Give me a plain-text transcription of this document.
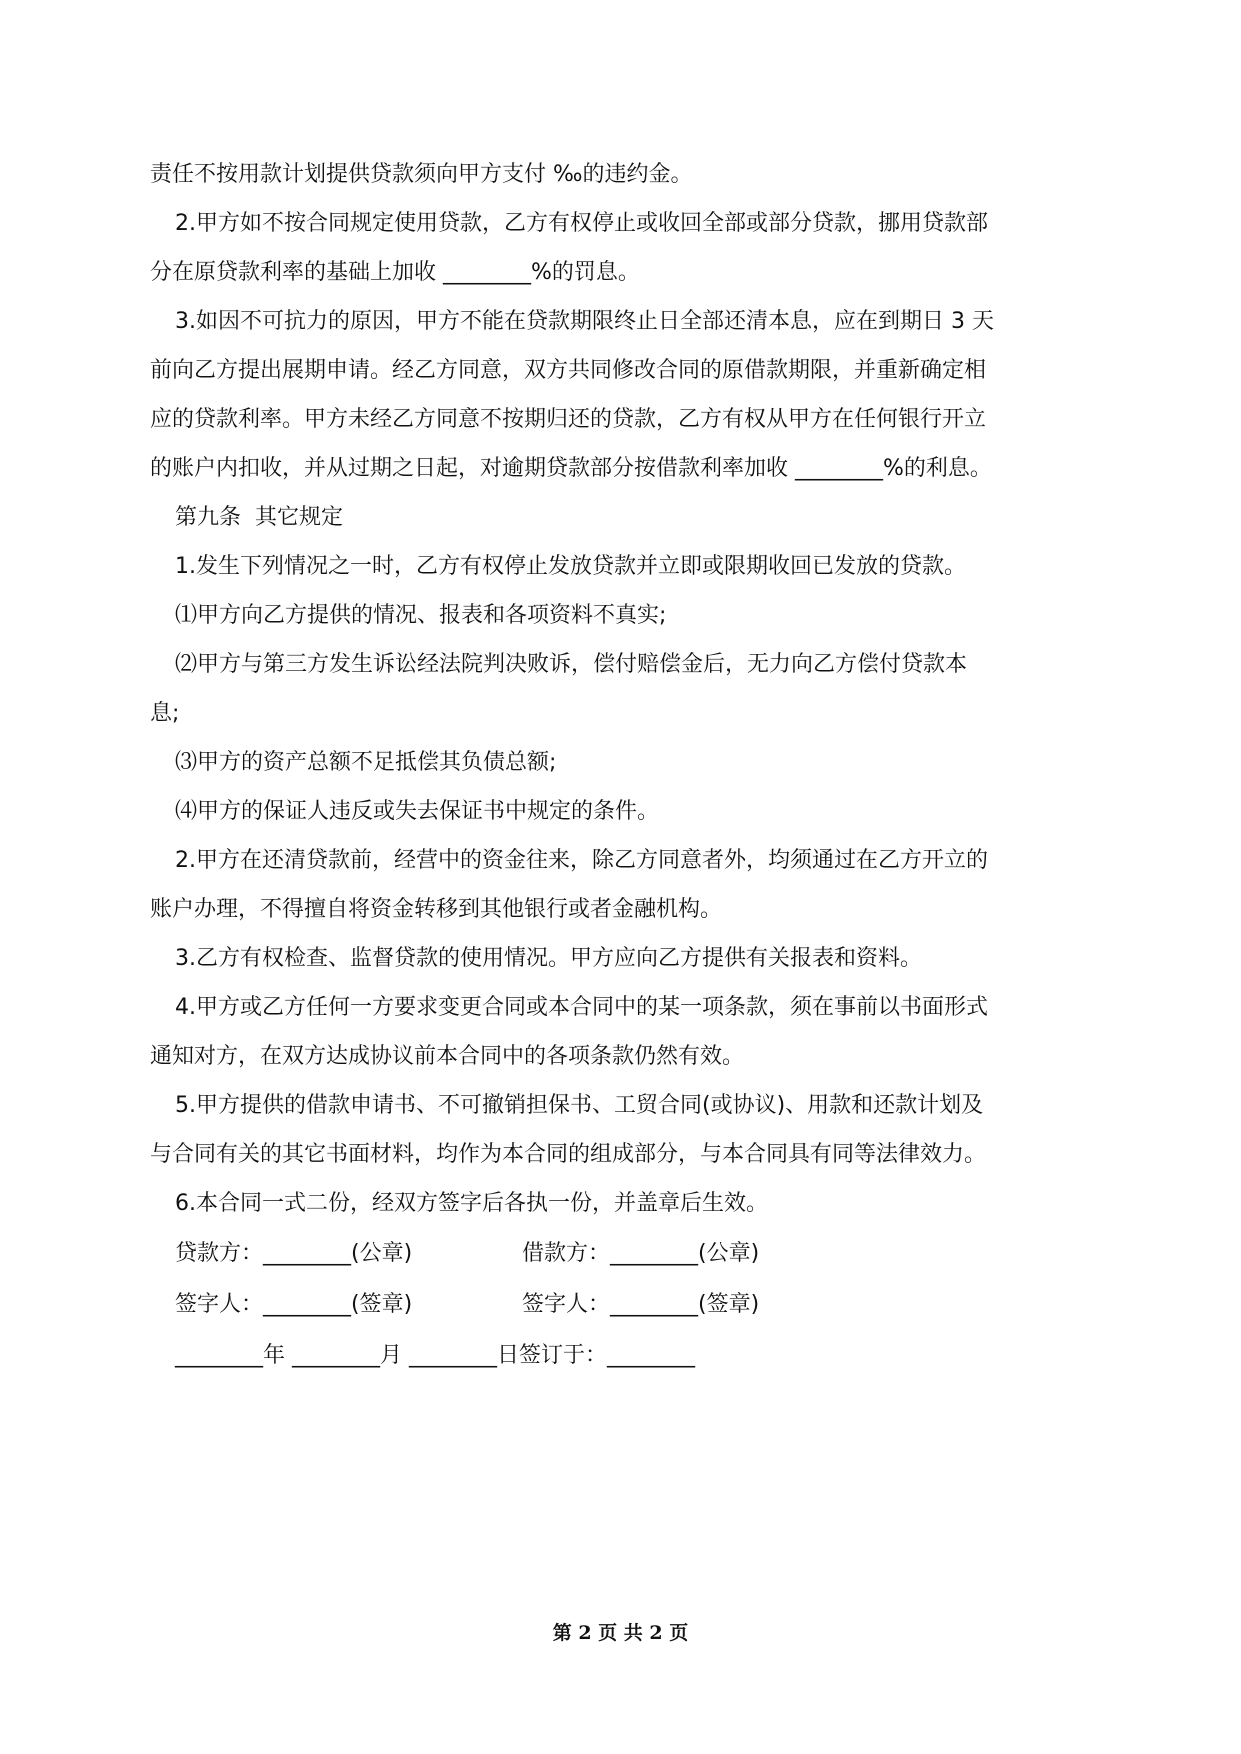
责任不按用款计划提供贷款须向甲方支付 ‰的违约金。
2.甲方如不按合同规定使用贷款，乙方有权停止或收回全部或部分贷款，挪用贷款部
分在原贷款利率的基础上加收 ________%的罚息。
3.如因不可抗力的原因，甲方不能在贷款期限终止日全部还清本息，应在到期日 3 天
前向乙方提出展期申请。经乙方同意，双方共同修改合同的原借款期限，并重新确定相
应的贷款利率。甲方未经乙方同意不按期归还的贷款，乙方有权从甲方在任何银行开立
的账户内扣收，并从过期之日起，对逾期贷款部分按借款利率加收 ________%的利息。
第九条  其它规定
1.发生下列情况之一时，乙方有权停止发放贷款并立即或限期收回已发放的贷款。
⑴甲方向乙方提供的情况、报表和各项资料不真实;
⑵甲方与第三方发生诉讼经法院判决败诉，偿付赔偿金后，无力向乙方偿付贷款本
息;
⑶甲方的资产总额不足抵偿其负债总额;
⑷甲方的保证人违反或失去保证书中规定的条件。
2.甲方在还清贷款前，经营中的资金往来，除乙方同意者外，均须通过在乙方开立的
账户办理，不得擅自将资金转移到其他银行或者金融机构。
3.乙方有权检查、监督贷款的使用情况。甲方应向乙方提供有关报表和资料。
4.甲方或乙方任何一方要求变更合同或本合同中的某一项条款，须在事前以书面形式
通知对方，在双方达成协议前本合同中的各项条款仍然有效。
5.甲方提供的借款申请书、不可撤销担保书、工贸合同(或协议)、用款和还款计划及
与合同有关的其它书面材料，均作为本合同的组成部分，与本合同具有同等法律效力。
6.本合同一式二份，经双方签字后各执一份，并盖章后生效。

贷款方：________(公章)

	借款方：________(公章)

签字人：________(签章)

	签字人：________(签章)

________年 ________月 ________日签订于：________

第 2 页 共 2 页
